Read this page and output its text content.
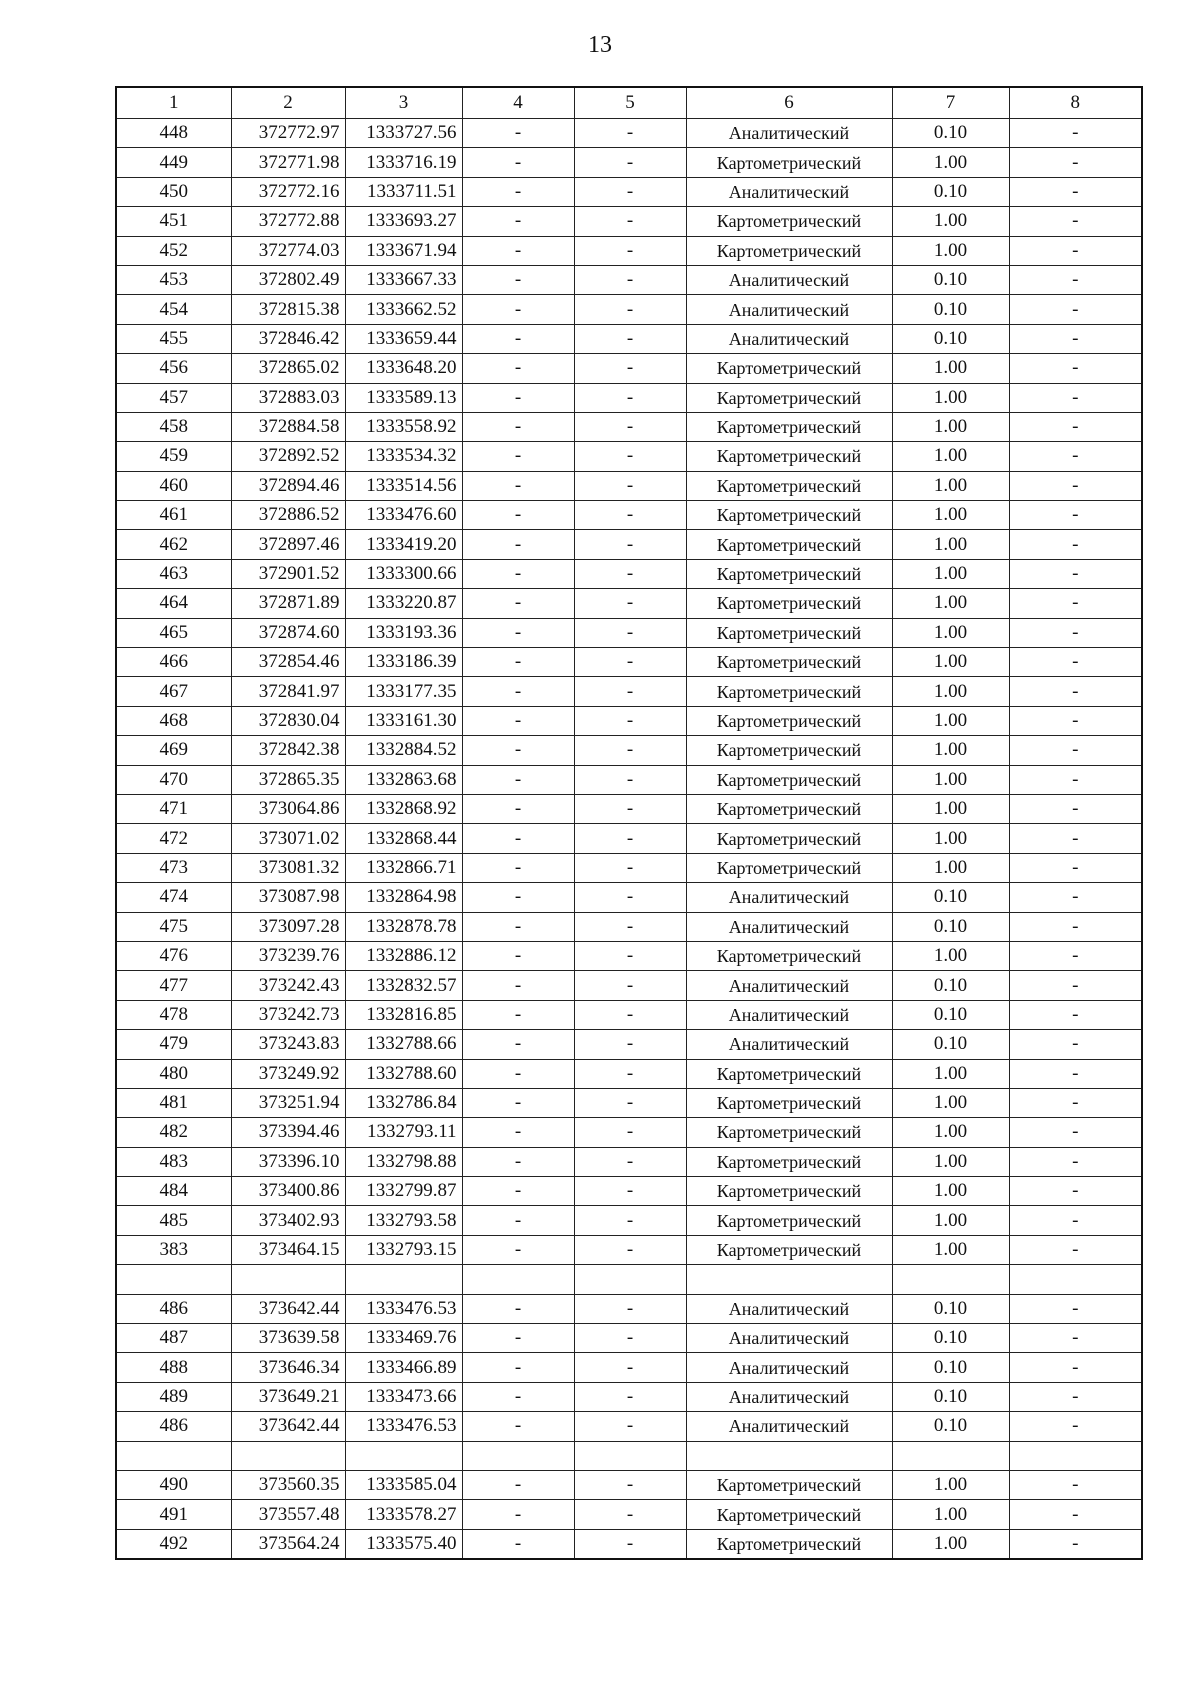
13
1	2	3	4	5	6	7	8
448	372772.97	1333727.56	-	-	Аналитический	0.10	-
449	372771.98	1333716.19	-	-	Картометрический	1.00	-
450	372772.16	1333711.51	-	-	Аналитический	0.10	-
451	372772.88	1333693.27	-	-	Картометрический	1.00	-
452	372774.03	1333671.94	-	-	Картометрический	1.00	-
453	372802.49	1333667.33	-	-	Аналитический	0.10	-
454	372815.38	1333662.52	-	-	Аналитический	0.10	-
455	372846.42	1333659.44	-	-	Аналитический	0.10	-
456	372865.02	1333648.20	-	-	Картометрический	1.00	-
457	372883.03	1333589.13	-	-	Картометрический	1.00	-
458	372884.58	1333558.92	-	-	Картометрический	1.00	-
459	372892.52	1333534.32	-	-	Картометрический	1.00	-
460	372894.46	1333514.56	-	-	Картометрический	1.00	-
461	372886.52	1333476.60	-	-	Картометрический	1.00	-
462	372897.46	1333419.20	-	-	Картометрический	1.00	-
463	372901.52	1333300.66	-	-	Картометрический	1.00	-
464	372871.89	1333220.87	-	-	Картометрический	1.00	-
465	372874.60	1333193.36	-	-	Картометрический	1.00	-
466	372854.46	1333186.39	-	-	Картометрический	1.00	-
467	372841.97	1333177.35	-	-	Картометрический	1.00	-
468	372830.04	1333161.30	-	-	Картометрический	1.00	-
469	372842.38	1332884.52	-	-	Картометрический	1.00	-
470	372865.35	1332863.68	-	-	Картометрический	1.00	-
471	373064.86	1332868.92	-	-	Картометрический	1.00	-
472	373071.02	1332868.44	-	-	Картометрический	1.00	-
473	373081.32	1332866.71	-	-	Картометрический	1.00	-
474	373087.98	1332864.98	-	-	Аналитический	0.10	-
475	373097.28	1332878.78	-	-	Аналитический	0.10	-
476	373239.76	1332886.12	-	-	Картометрический	1.00	-
477	373242.43	1332832.57	-	-	Аналитический	0.10	-
478	373242.73	1332816.85	-	-	Аналитический	0.10	-
479	373243.83	1332788.66	-	-	Аналитический	0.10	-
480	373249.92	1332788.60	-	-	Картометрический	1.00	-
481	373251.94	1332786.84	-	-	Картометрический	1.00	-
482	373394.46	1332793.11	-	-	Картометрический	1.00	-
483	373396.10	1332798.88	-	-	Картометрический	1.00	-
484	373400.86	1332799.87	-	-	Картометрический	1.00	-
485	373402.93	1332793.58	-	-	Картометрический	1.00	-
383	373464.15	1332793.15	-	-	Картометрический	1.00	-

486	373642.44	1333476.53	-	-	Аналитический	0.10	-
487	373639.58	1333469.76	-	-	Аналитический	0.10	-
488	373646.34	1333466.89	-	-	Аналитический	0.10	-
489	373649.21	1333473.66	-	-	Аналитический	0.10	-
486	373642.44	1333476.53	-	-	Аналитический	0.10	-

490	373560.35	1333585.04	-	-	Картометрический	1.00	-
491	373557.48	1333578.27	-	-	Картометрический	1.00	-
492	373564.24	1333575.40	-	-	Картометрический	1.00	-
